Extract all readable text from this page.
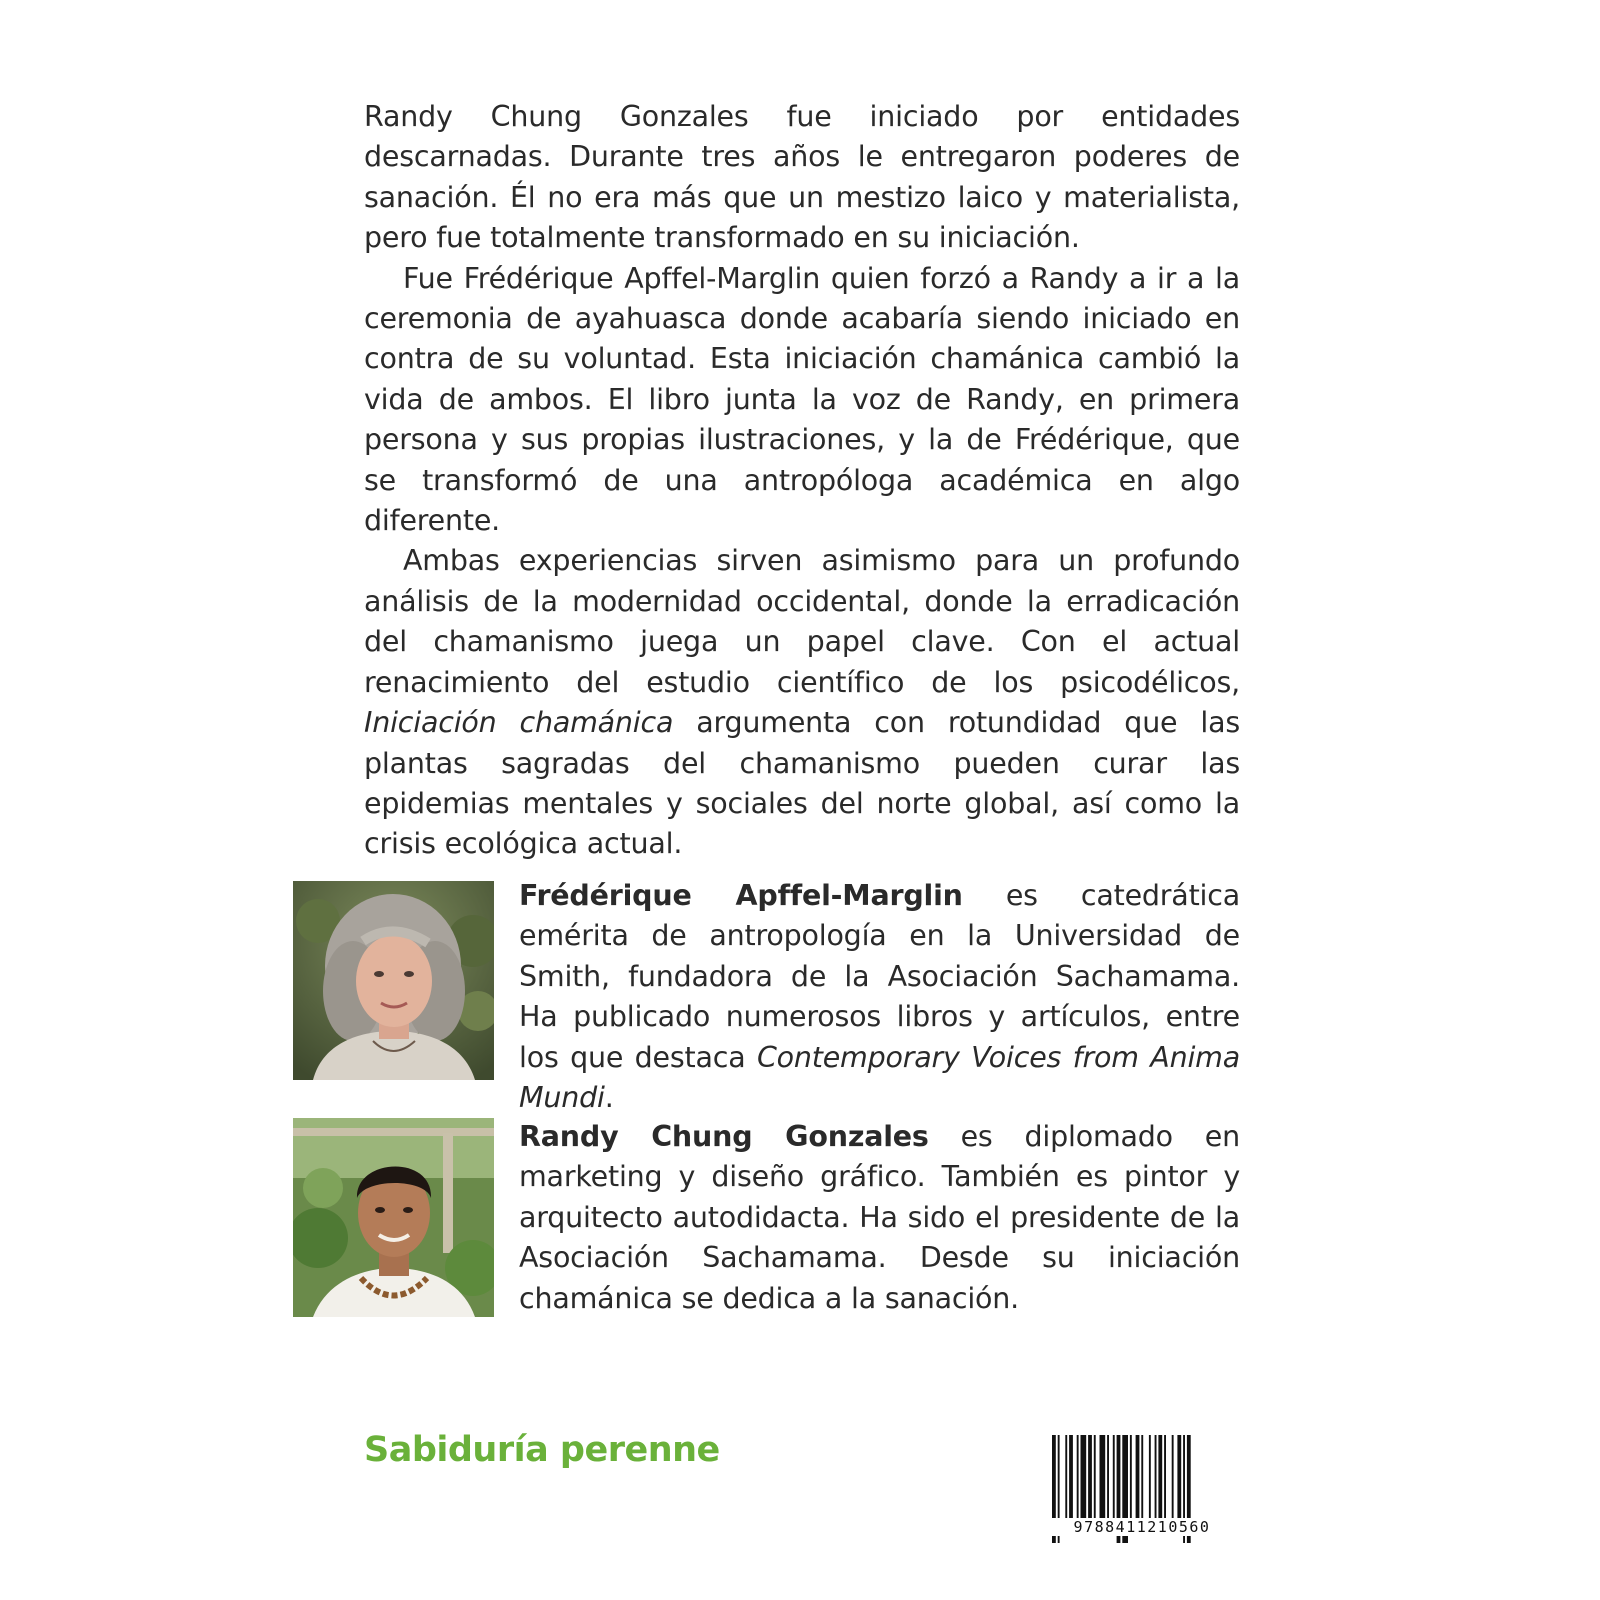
Randy Chung Gonzales fue iniciado por entidades descarnadas. Durante tres años le entregaron poderes de sanación. Él no era más que un mestizo laico y materialista, pero fue totalmente transformado en su iniciación.

Fue Frédérique Apffel-Marglin quien forzó a Randy a ir a la ceremonia de ayahuasca donde acabaría siendo iniciado en contra de su voluntad. Esta iniciación chamánica cambió la vida de ambos. El libro junta la voz de Randy, en primera persona y sus propias ilustraciones, y la de Frédérique, que se transformó de una antropóloga académica en algo diferente.

Ambas experiencias sirven asimismo para un profundo análisis de la modernidad occidental, donde la erradicación del chamanismo juega un papel clave. Con el actual renacimiento del estudio científico de los psicodélicos, Iniciación chamánica argumenta con rotundidad que las plantas sagradas del chamanismo pueden curar las epidemias mentales y sociales del norte global, así como la crisis ecológica actual.

Frédérique Apffel-Marglin es catedrática emérita de antropología en la Universidad de Smith, fundadora de la Asociación Sachamama. Ha publicado numerosos libros y artículos, entre los que destaca Contemporary Voices from Anima Mundi.

Randy Chung Gonzales es diplomado en marketing y diseño gráfico. También es pintor y arquitecto autodidacta. Ha sido el presidente de la Asociación Sachamama. Desde su iniciación chamánica se dedica a la sanación.

Sabiduría perenne
9788411210560
